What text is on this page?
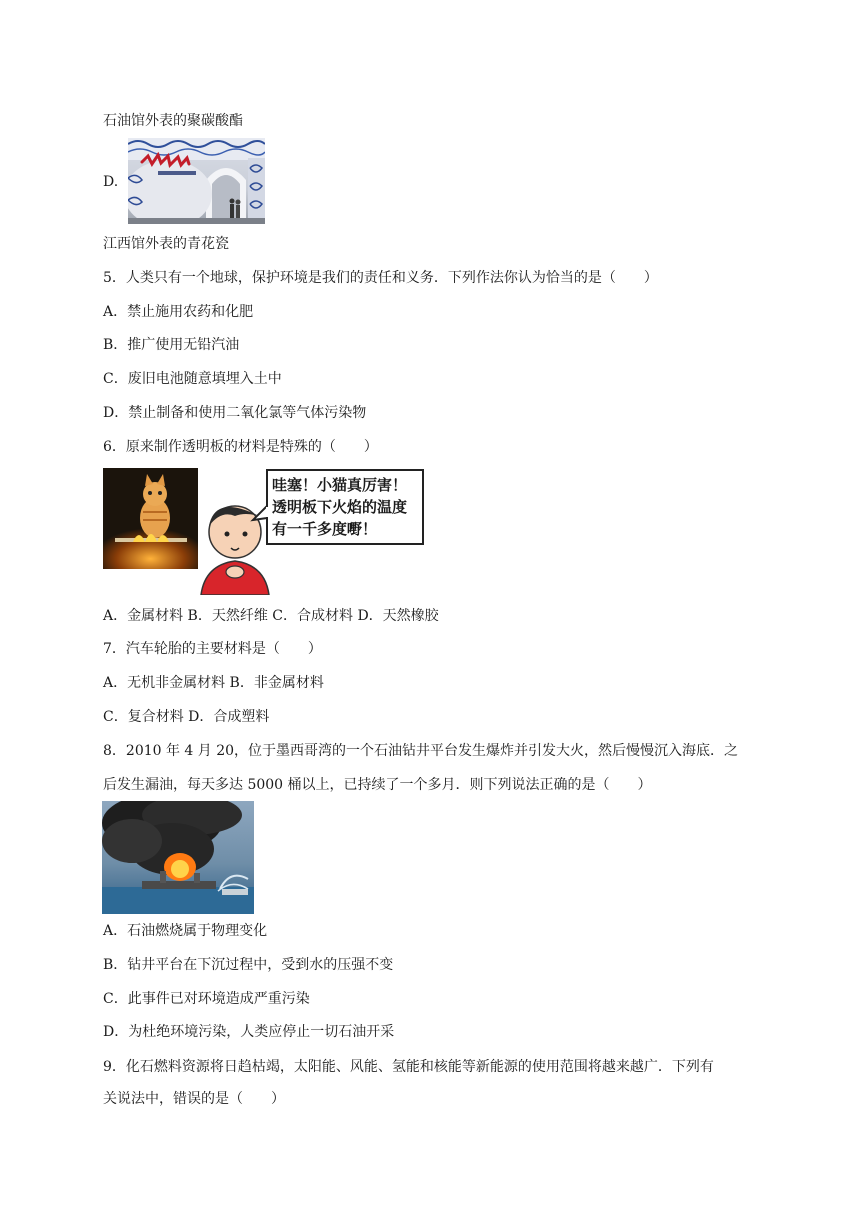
石油馆外表的聚碳酸酯
D.
江西馆外表的青花瓷
5．人类只有一个地球，保护环境是我们的责任和义务．下列作法你认为恰当的是（　　）
A．禁止施用农药和化肥
B．推广使用无铅汽油
C．废旧电池随意填埋入土中
D．禁止制备和使用二氧化氯等气体污染物
6．原来制作透明板的材料是特殊的（　　）
哇塞！小猫真厉害！
透明板下火焰的温度
有一千多度嘢！
A．金属材料 B．天然纤维 C．合成材料 D．天然橡胶
7．汽车轮胎的主要材料是（　　）
A．无机非金属材料 B．非金属材料
C．复合材料 D．合成塑料
8．2010 年 4 月 20，位于墨西哥湾的一个石油钻井平台发生爆炸并引发大火，然后慢慢沉入海底．之
后发生漏油，每天多达 5000 桶以上，已持续了一个多月．则下列说法正确的是（　　）
A．石油燃烧属于物理变化
B．钻井平台在下沉过程中，受到水的压强不变
C．此事件已对环境造成严重污染
D．为杜绝环境污染，人类应停止一切石油开采
9．化石燃料资源将日趋枯竭，太阳能、风能、氢能和核能等新能源的使用范围将越来越广．下列有
关说法中，错误的是（　　）
